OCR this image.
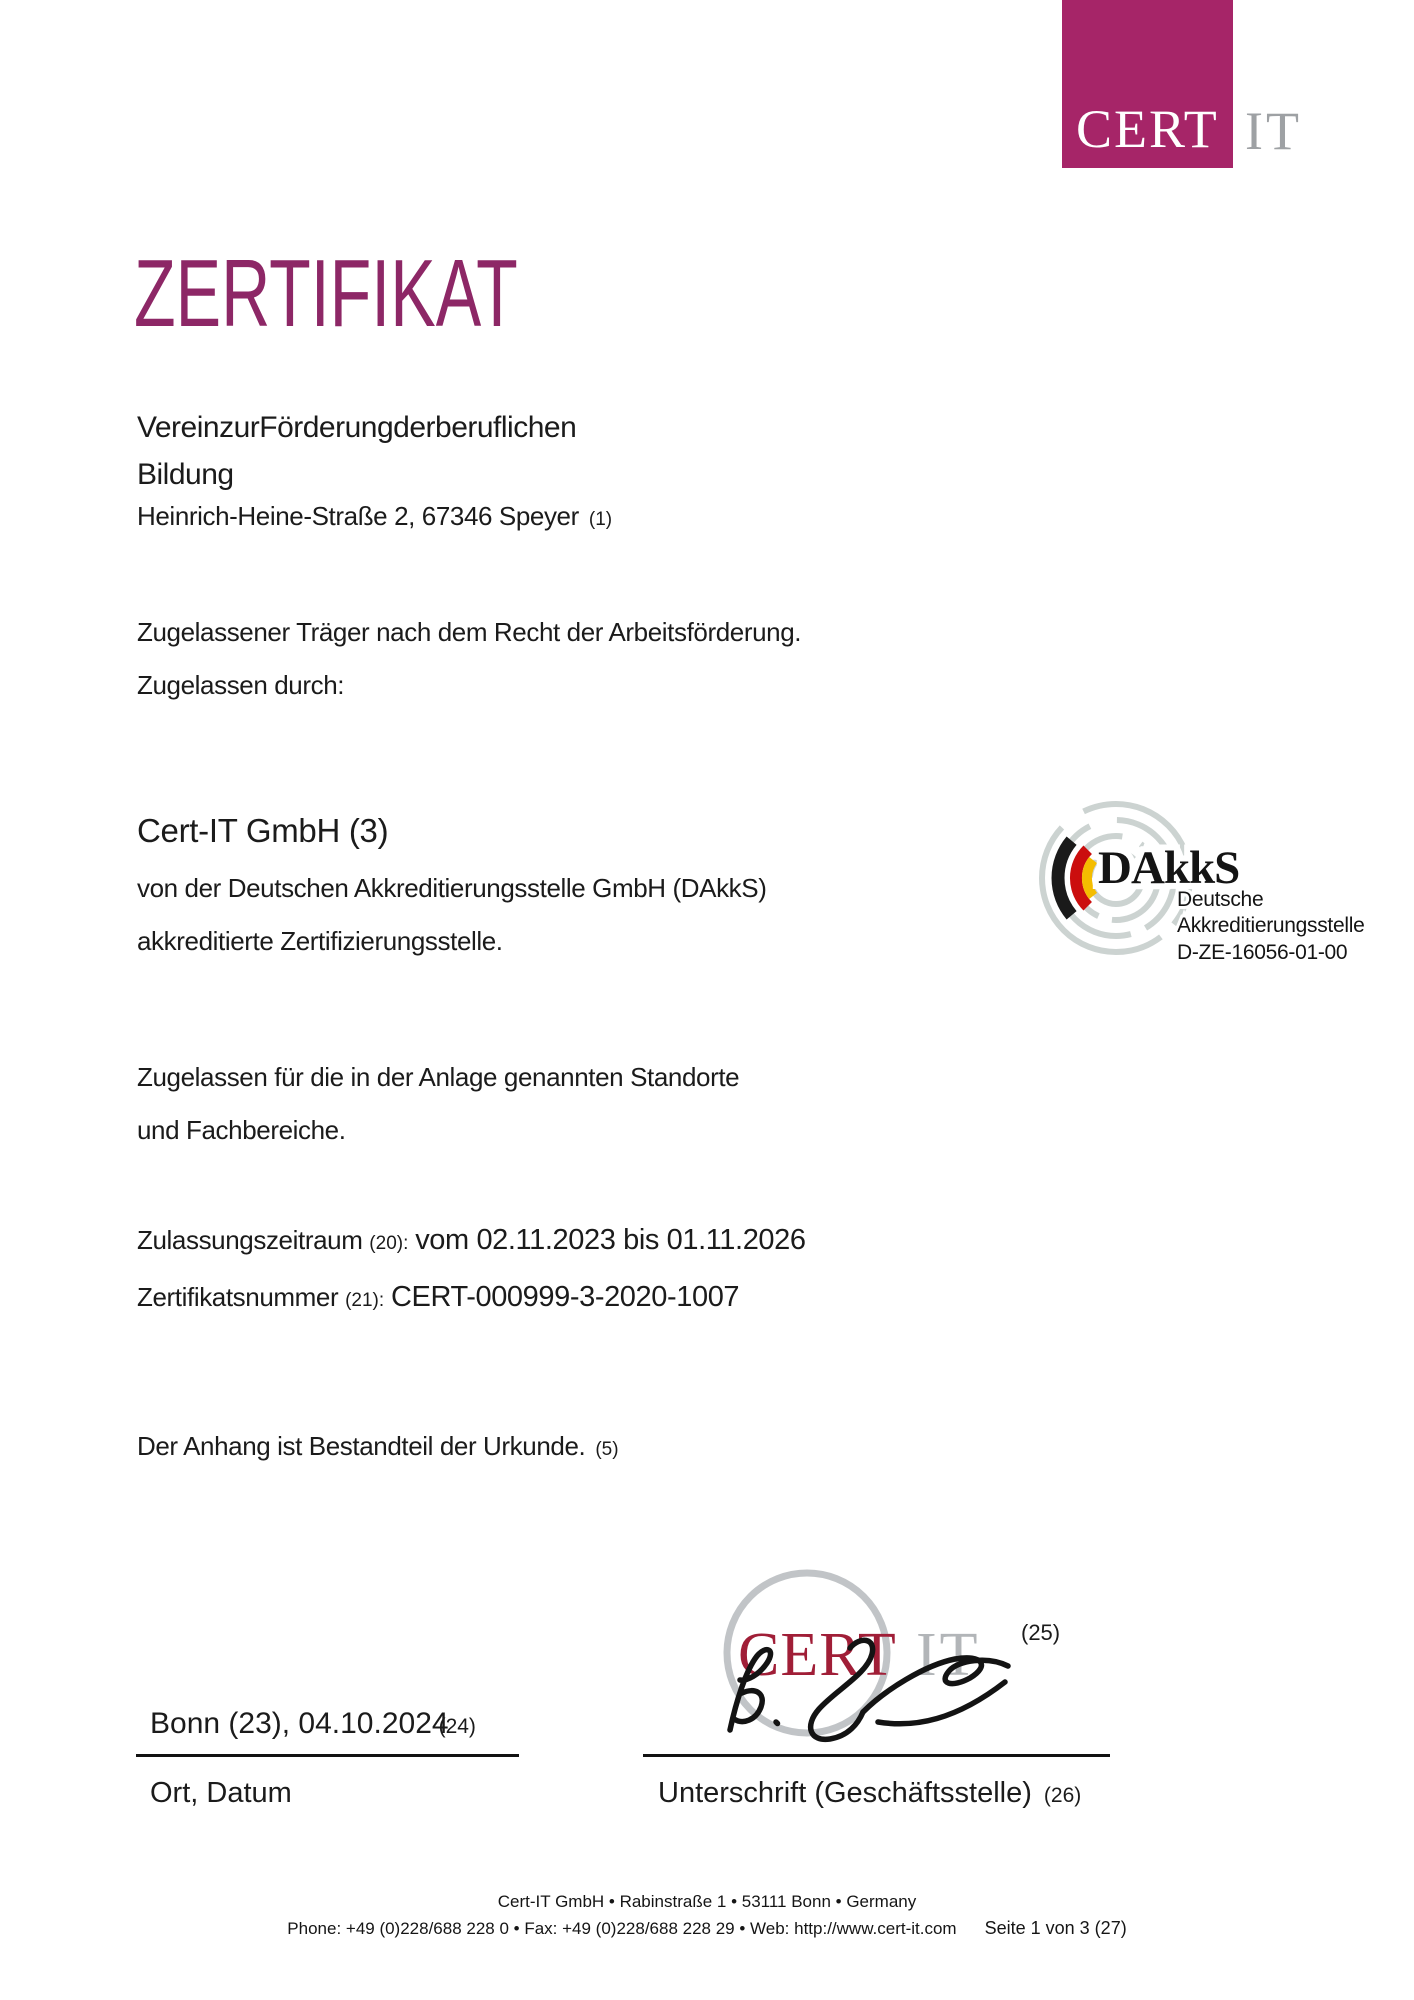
CERT IT
ZERTIFIKAT
VereinzurFörderungderberuflichen
Bildung
Heinrich-Heine-Straße 2, 67346 Speyer (1)
Zugelassener Träger nach dem Recht der Arbeitsförderung.
Zugelassen durch:
Cert-IT GmbH (3)
von der Deutschen Akkreditierungsstelle GmbH (DAkkS)
akkreditierte Zertifizierungsstelle.
DAkkS
Deutsche
Akkreditierungsstelle
D-ZE-16056-01-00
Zugelassen für die in der Anlage genannten Standorte
und Fachbereiche.
Zulassungszeitraum (20): vom 02.11.2023 bis 01.11.2026
Zertifikatsnummer (21): CERT-000999-3-2020-1007
Der Anhang ist Bestandteil der Urkunde. (5)
CERT IT (25)
Bonn (23), 04.10.2024(24)
Ort, Datum	Unterschrift (Geschäftsstelle) (26)
Cert-IT GmbH • Rabinstraße 1 • 53111 Bonn • Germany
Phone: +49 (0)228/688 228 0 • Fax: +49 (0)228/688 228 29 • Web: http://www.cert-it.com Seite 1 von 3 (27)
